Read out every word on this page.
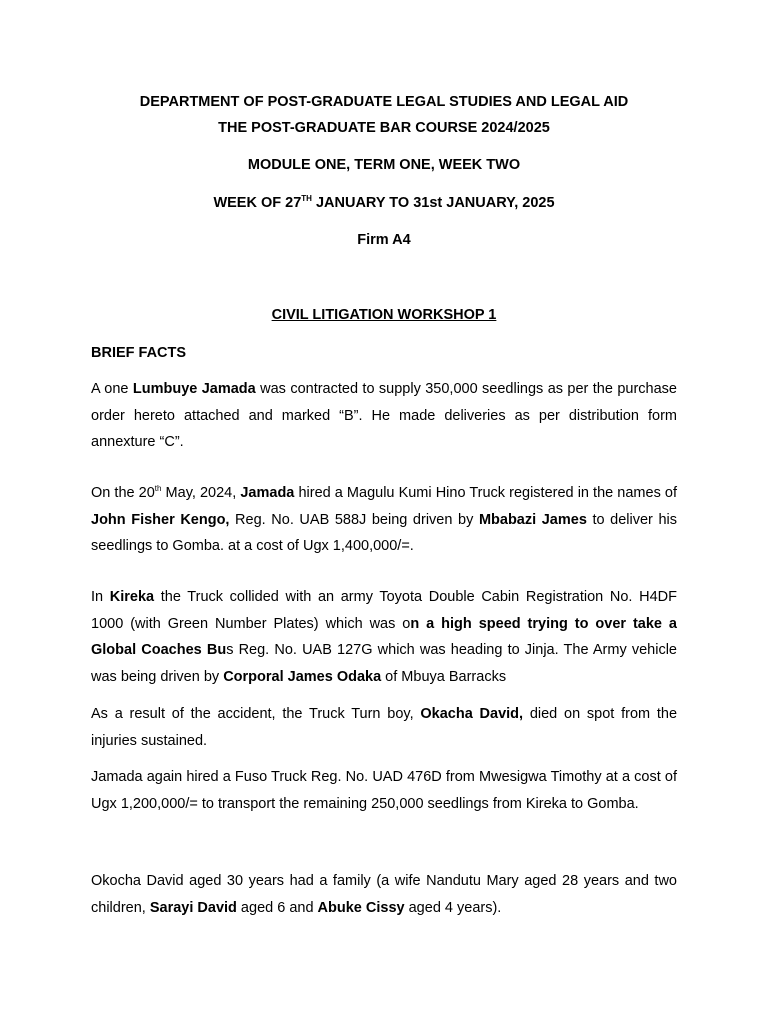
DEPARTMENT OF POST-GRADUATE LEGAL STUDIES AND LEGAL AID
THE POST-GRADUATE BAR COURSE 2024/2025
MODULE ONE, TERM ONE, WEEK TWO
WEEK OF 27TH JANUARY TO 31st JANUARY, 2025
Firm A4
CIVIL LITIGATION WORKSHOP 1
BRIEF FACTS
A one Lumbuye Jamada was contracted to supply 350,000 seedlings as per the purchase order hereto attached and marked “B”. He made deliveries as per distribution form annexture “C”.
On the 20th May, 2024, Jamada hired a Magulu Kumi Hino Truck registered in the names of John Fisher Kengo, Reg. No. UAB 588J being driven by Mbabazi James to deliver his seedlings to Gomba. at a cost of Ugx 1,400,000/=.
In Kireka the Truck collided with an army Toyota Double Cabin Registration No. H4DF 1000 (with Green Number Plates) which was on a high speed trying to over take a Global Coaches Bus Reg. No. UAB 127G which was heading to Jinja. The Army vehicle was being driven by Corporal James Odaka of Mbuya Barracks
As a result of the accident, the Truck Turn boy, Okacha David, died on spot from the injuries sustained.
Jamada again hired a Fuso Truck Reg. No. UAD 476D from Mwesigwa Timothy at a cost of Ugx 1,200,000/= to transport the remaining 250,000 seedlings from Kireka to Gomba.
Okocha David aged 30 years had a family (a wife Nandutu Mary aged 28 years and two children, Sarayi David aged 6 and Abuke Cissy aged 4 years).
